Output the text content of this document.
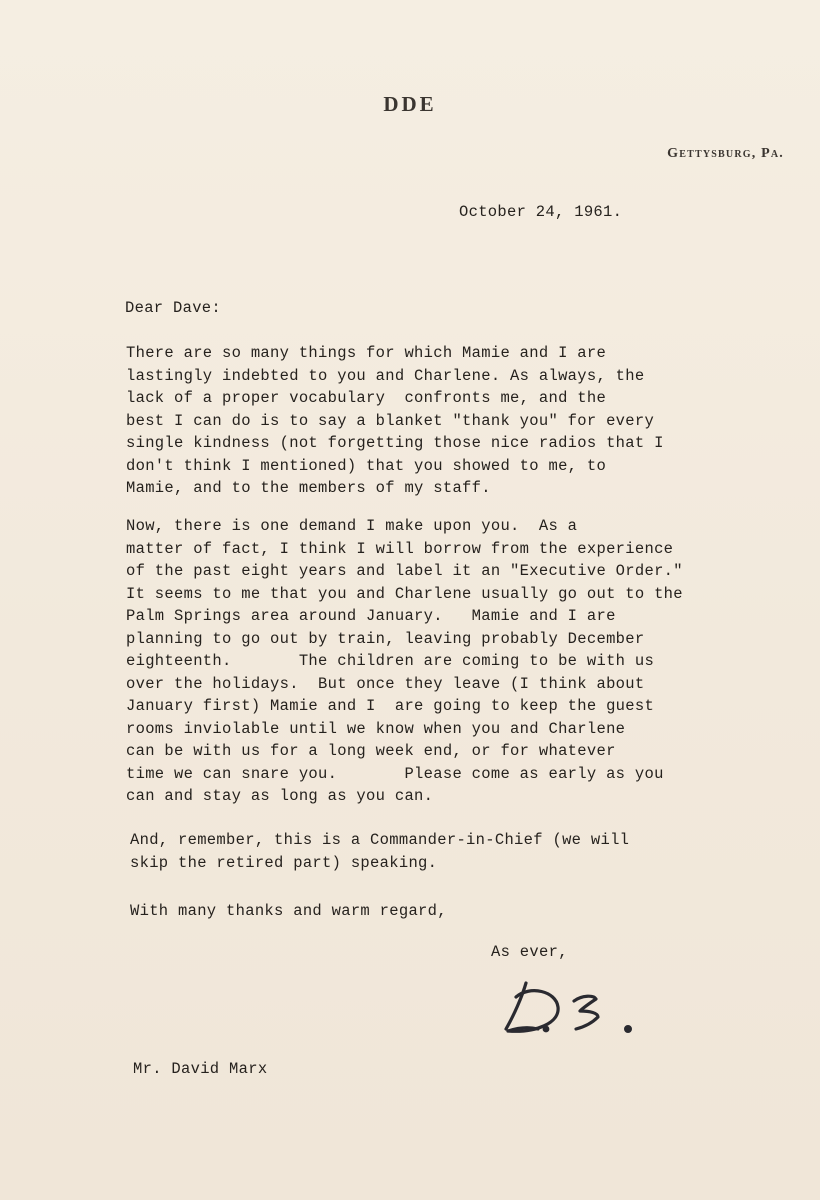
DDE
Gettysburg, Pa.
October 24, 1961.
Dear Dave:
There are so many things for which Mamie and I are
lastingly indebted to you and Charlene. As always, the
lack of a proper vocabulary  confronts me, and the
best I can do is to say a blanket "thank you" for every
single kindness (not forgetting those nice radios that I
don't think I mentioned) that you showed to me, to
Mamie, and to the members of my staff.
Now, there is one demand I make upon you.  As a
matter of fact, I think I will borrow from the experience
of the past eight years and label it an "Executive Order."
It seems to me that you and Charlene usually go out to the
Palm Springs area around January.   Mamie and I are
planning to go out by train, leaving probably December
eighteenth.       The children are coming to be with us
over the holidays.  But once they leave (I think about
January first) Mamie and I  are going to keep the guest
rooms inviolable until we know when you and Charlene
can be with us for a long week end, or for whatever
time we can snare you.       Please come as early as you
can and stay as long as you can.
And, remember, this is a Commander-in-Chief (we will
skip the retired part) speaking.
With many thanks and warm regard,
As ever,
Mr. David Marx
